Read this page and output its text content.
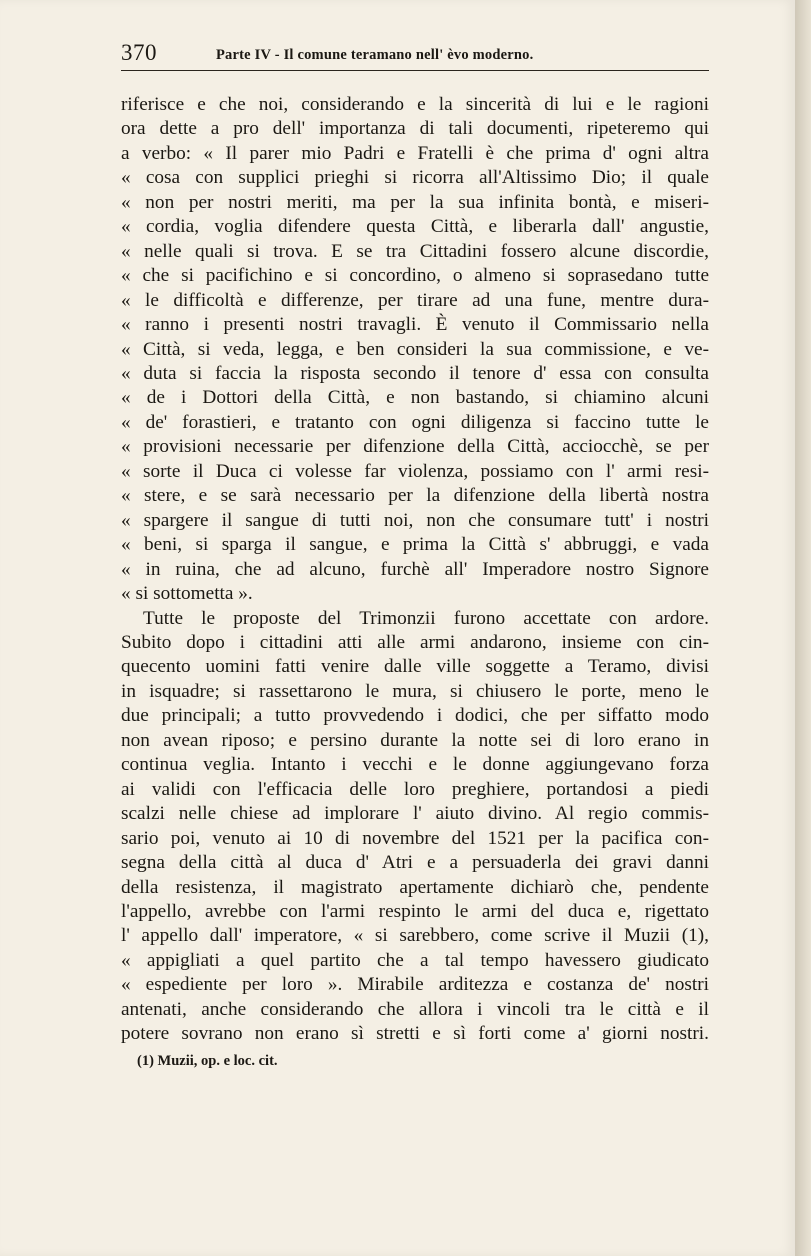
370	Parte IV - Il comune teramano nell' èvo moderno.
riferisce e che noi, considerando e la sincerità di lui e le ragioni
ora dette a pro dell' importanza di tali documenti, ripeteremo qui
a verbo: « Il parer mio Padri e Fratelli è che prima d' ogni altra
« cosa con supplici prieghi si ricorra all'Altissimo Dio; il quale
« non per nostri meriti, ma per la sua infinita bontà, e miseri-
« cordia, voglia difendere questa Città, e liberarla dall' angustie,
« nelle quali si trova. E se tra Cittadini fossero alcune discordie,
« che si pacifichino e si concordino, o almeno si soprasedano tutte
« le difficoltà e differenze, per tirare ad una fune, mentre dura-
« ranno i presenti nostri travagli. È venuto il Commissario nella
« Città, si veda, legga, e ben consideri la sua commissione, e ve-
« duta si faccia la risposta secondo il tenore d' essa con consulta
« de i Dottori della Città, e non bastando, si chiamino alcuni
« de' forastieri, e tratanto con ogni diligenza si faccino tutte le
« provisioni necessarie per difenzione della Città, acciocchè, se per
« sorte il Duca ci volesse far violenza, possiamo con l' armi resi-
« stere, e se sarà necessario per la difenzione della libertà nostra
« spargere il sangue di tutti noi, non che consumare tutt' i nostri
« beni, si sparga il sangue, e prima la Città s' abbruggi, e vada
« in ruina, che ad alcuno, furchè all' Imperadore nostro Signore
« si sottometta ».
Tutte le proposte del Trimonzii furono accettate con ardore.
Subito dopo i cittadini atti alle armi andarono, insieme con cin-
quecento uomini fatti venire dalle ville soggette a Teramo, divisi
in isquadre; si rassettarono le mura, si chiusero le porte, meno le
due principali; a tutto provvedendo i dodici, che per siffatto modo
non avean riposo; e persino durante la notte sei di loro erano in
continua veglia. Intanto i vecchi e le donne aggiungevano forza
ai validi con l'efficacia delle loro preghiere, portandosi a piedi
scalzi nelle chiese ad implorare l' aiuto divino. Al regio commis-
sario poi, venuto ai 10 di novembre del 1521 per la pacifica con-
segna della città al duca d' Atri e a persuaderla dei gravi danni
della resistenza, il magistrato apertamente dichiarò che, pendente
l'appello, avrebbe con l'armi respinto le armi del duca e, rigettato
l' appello dall' imperatore, « si sarebbero, come scrive il Muzii (1),
« appigliati a quel partito che a tal tempo havessero giudicato
« espediente per loro ». Mirabile arditezza e costanza de' nostri
antenati, anche considerando che allora i vincoli tra le città e il
potere sovrano non erano sì stretti e sì forti come a' giorni nostri.
(1) Muzii, op. e loc. cit.
